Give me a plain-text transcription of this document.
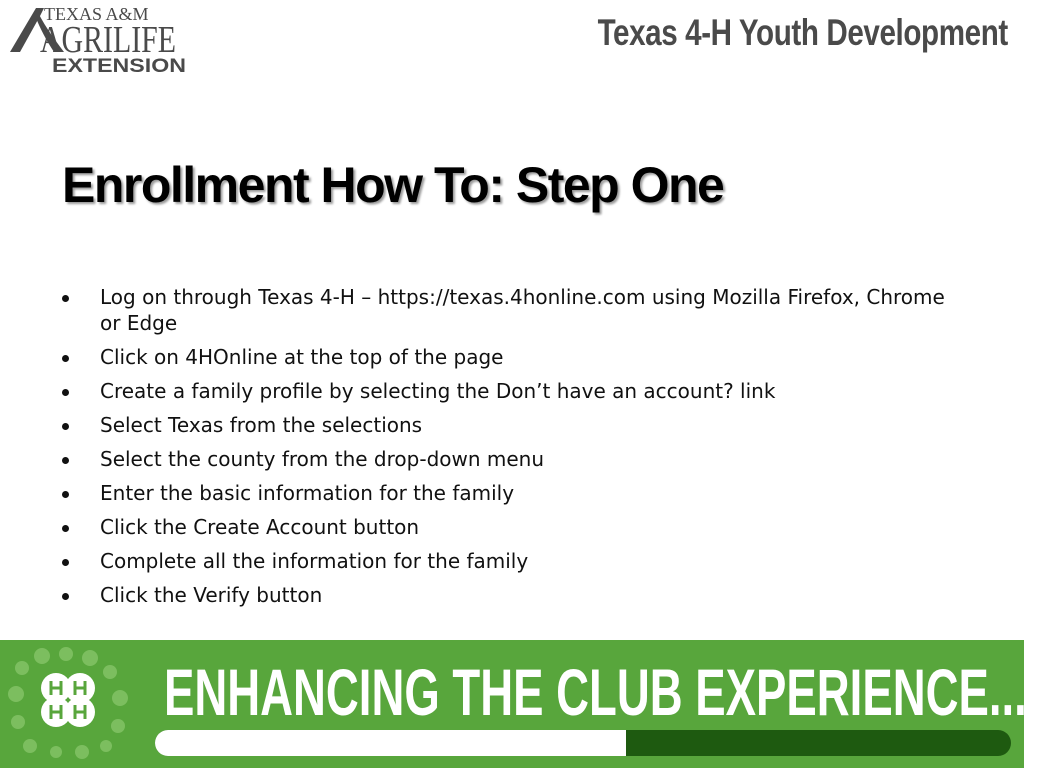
TEXAS A&M
AGRILIFE
EXTENSION
Texas 4-H Youth Development
Enrollment How To: Step One
Log on through Texas 4-H – https://texas.4honline.com using Mozilla Firefox, Chrome or Edge
Click on 4HOnline at the top of the page
Create a family profile by selecting the Don’t have an account? link
Select Texas from the selections
Select the county from the drop-down menu
Enter the basic information for the family
Click the Create Account button
Complete all the information for the family
Click the Verify button
ENHANCING THE CLUB EXPERIENCE.....
